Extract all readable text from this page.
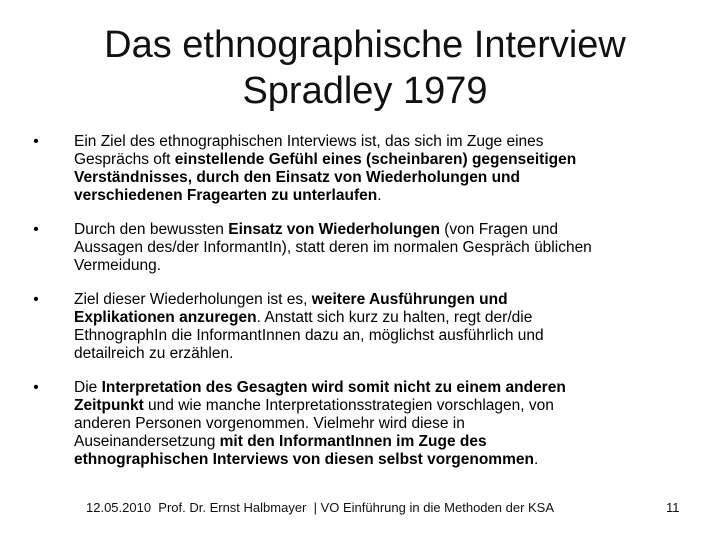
Das ethnographische Interview
Spradley 1979
• Ein Ziel des ethnographischen Interviews ist, das sich im Zuge eines
Gesprächs oft einstellende Gefühl eines (scheinbaren) gegenseitigen
Verständnisses, durch den Einsatz von Wiederholungen und
verschiedenen Fragearten zu unterlaufen.
• Durch den bewussten Einsatz von Wiederholungen (von Fragen und
Aussagen des/der InformantIn), statt deren im normalen Gespräch üblichen
Vermeidung.
• Ziel dieser Wiederholungen ist es, weitere Ausführungen und
Explikationen anzuregen. Anstatt sich kurz zu halten, regt der/die
EthnographIn die InformantInnen dazu an, möglichst ausführlich und
detailreich zu erzählen.
• Die Interpretation des Gesagten wird somit nicht zu einem anderen
Zeitpunkt und wie manche Interpretationsstrategien vorschlagen, von
anderen Personen vorgenommen. Vielmehr wird diese in
Auseinandersetzung mit den InformantInnen im Zuge des
ethnographischen Interviews von diesen selbst vorgenommen.
12.05.2010  Prof. Dr. Ernst Halbmayer  | VO Einführung in die Methoden der KSA	11
